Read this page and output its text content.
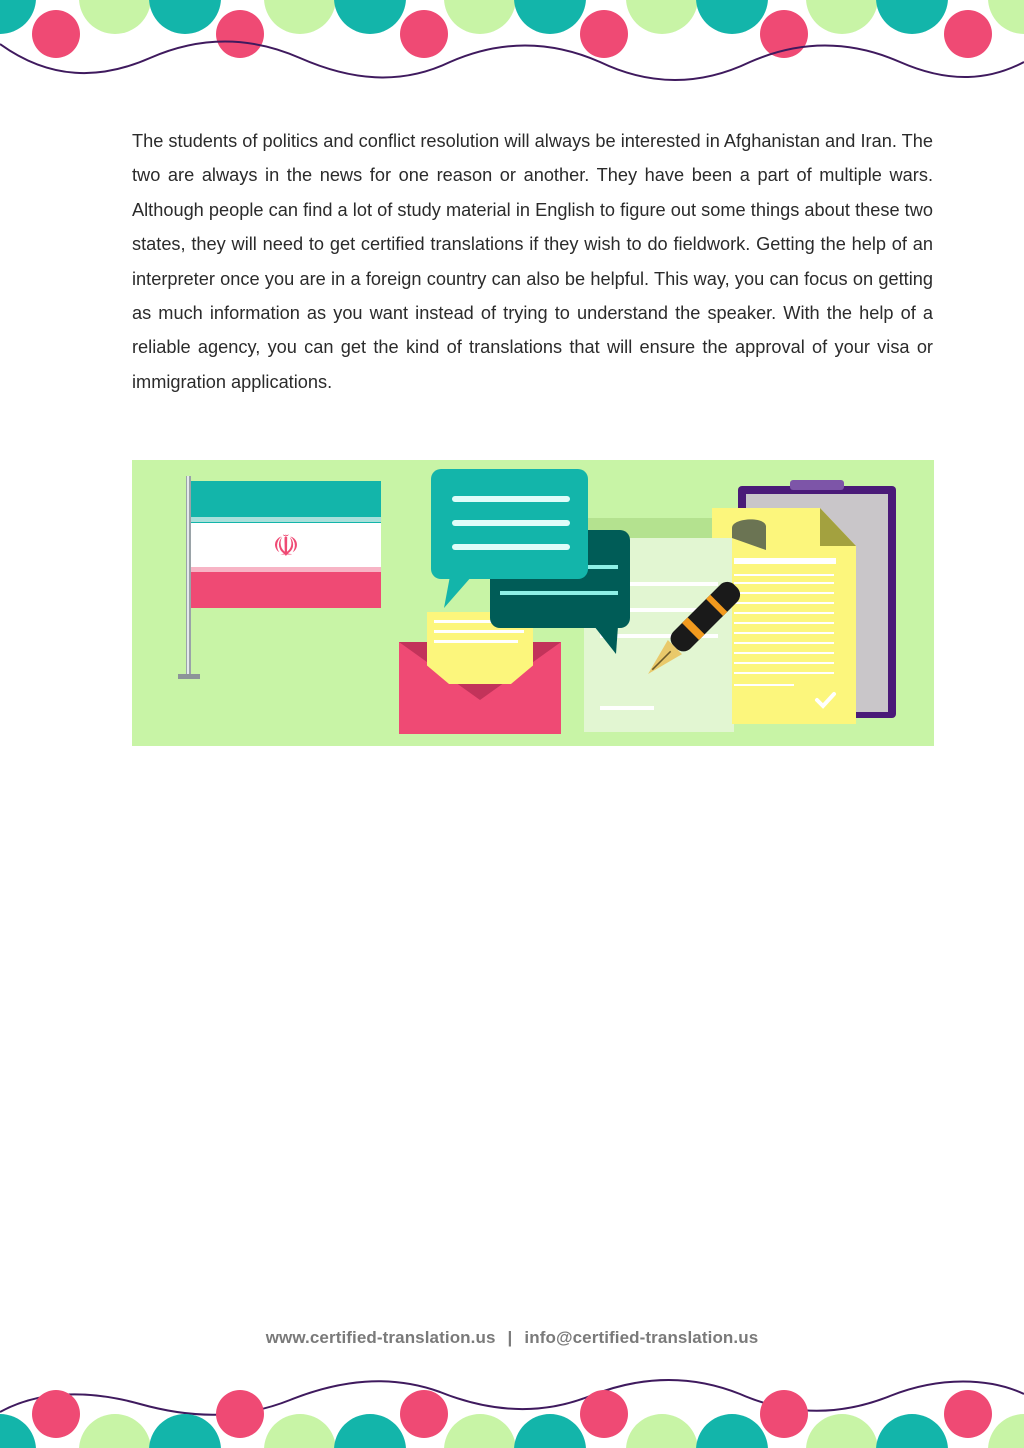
The students of politics and conflict resolution will always be interested in Afghanistan and Iran. The two are always in the news for one reason or another. They have been a part of multiple wars. Although people can find a lot of study material in English to figure out some things about these two states, they will need to get certified translations if they wish to do fieldwork. Getting the help of an interpreter once you are in a foreign country can also be helpful. This way, you can focus on getting as much information as you want instead of trying to understand the speaker. With the help of a reliable agency, you can get the kind of translations that will ensure the approval of your visa or immigration applications.

☫
www.certified-translation.us | info@certified-translation.us
